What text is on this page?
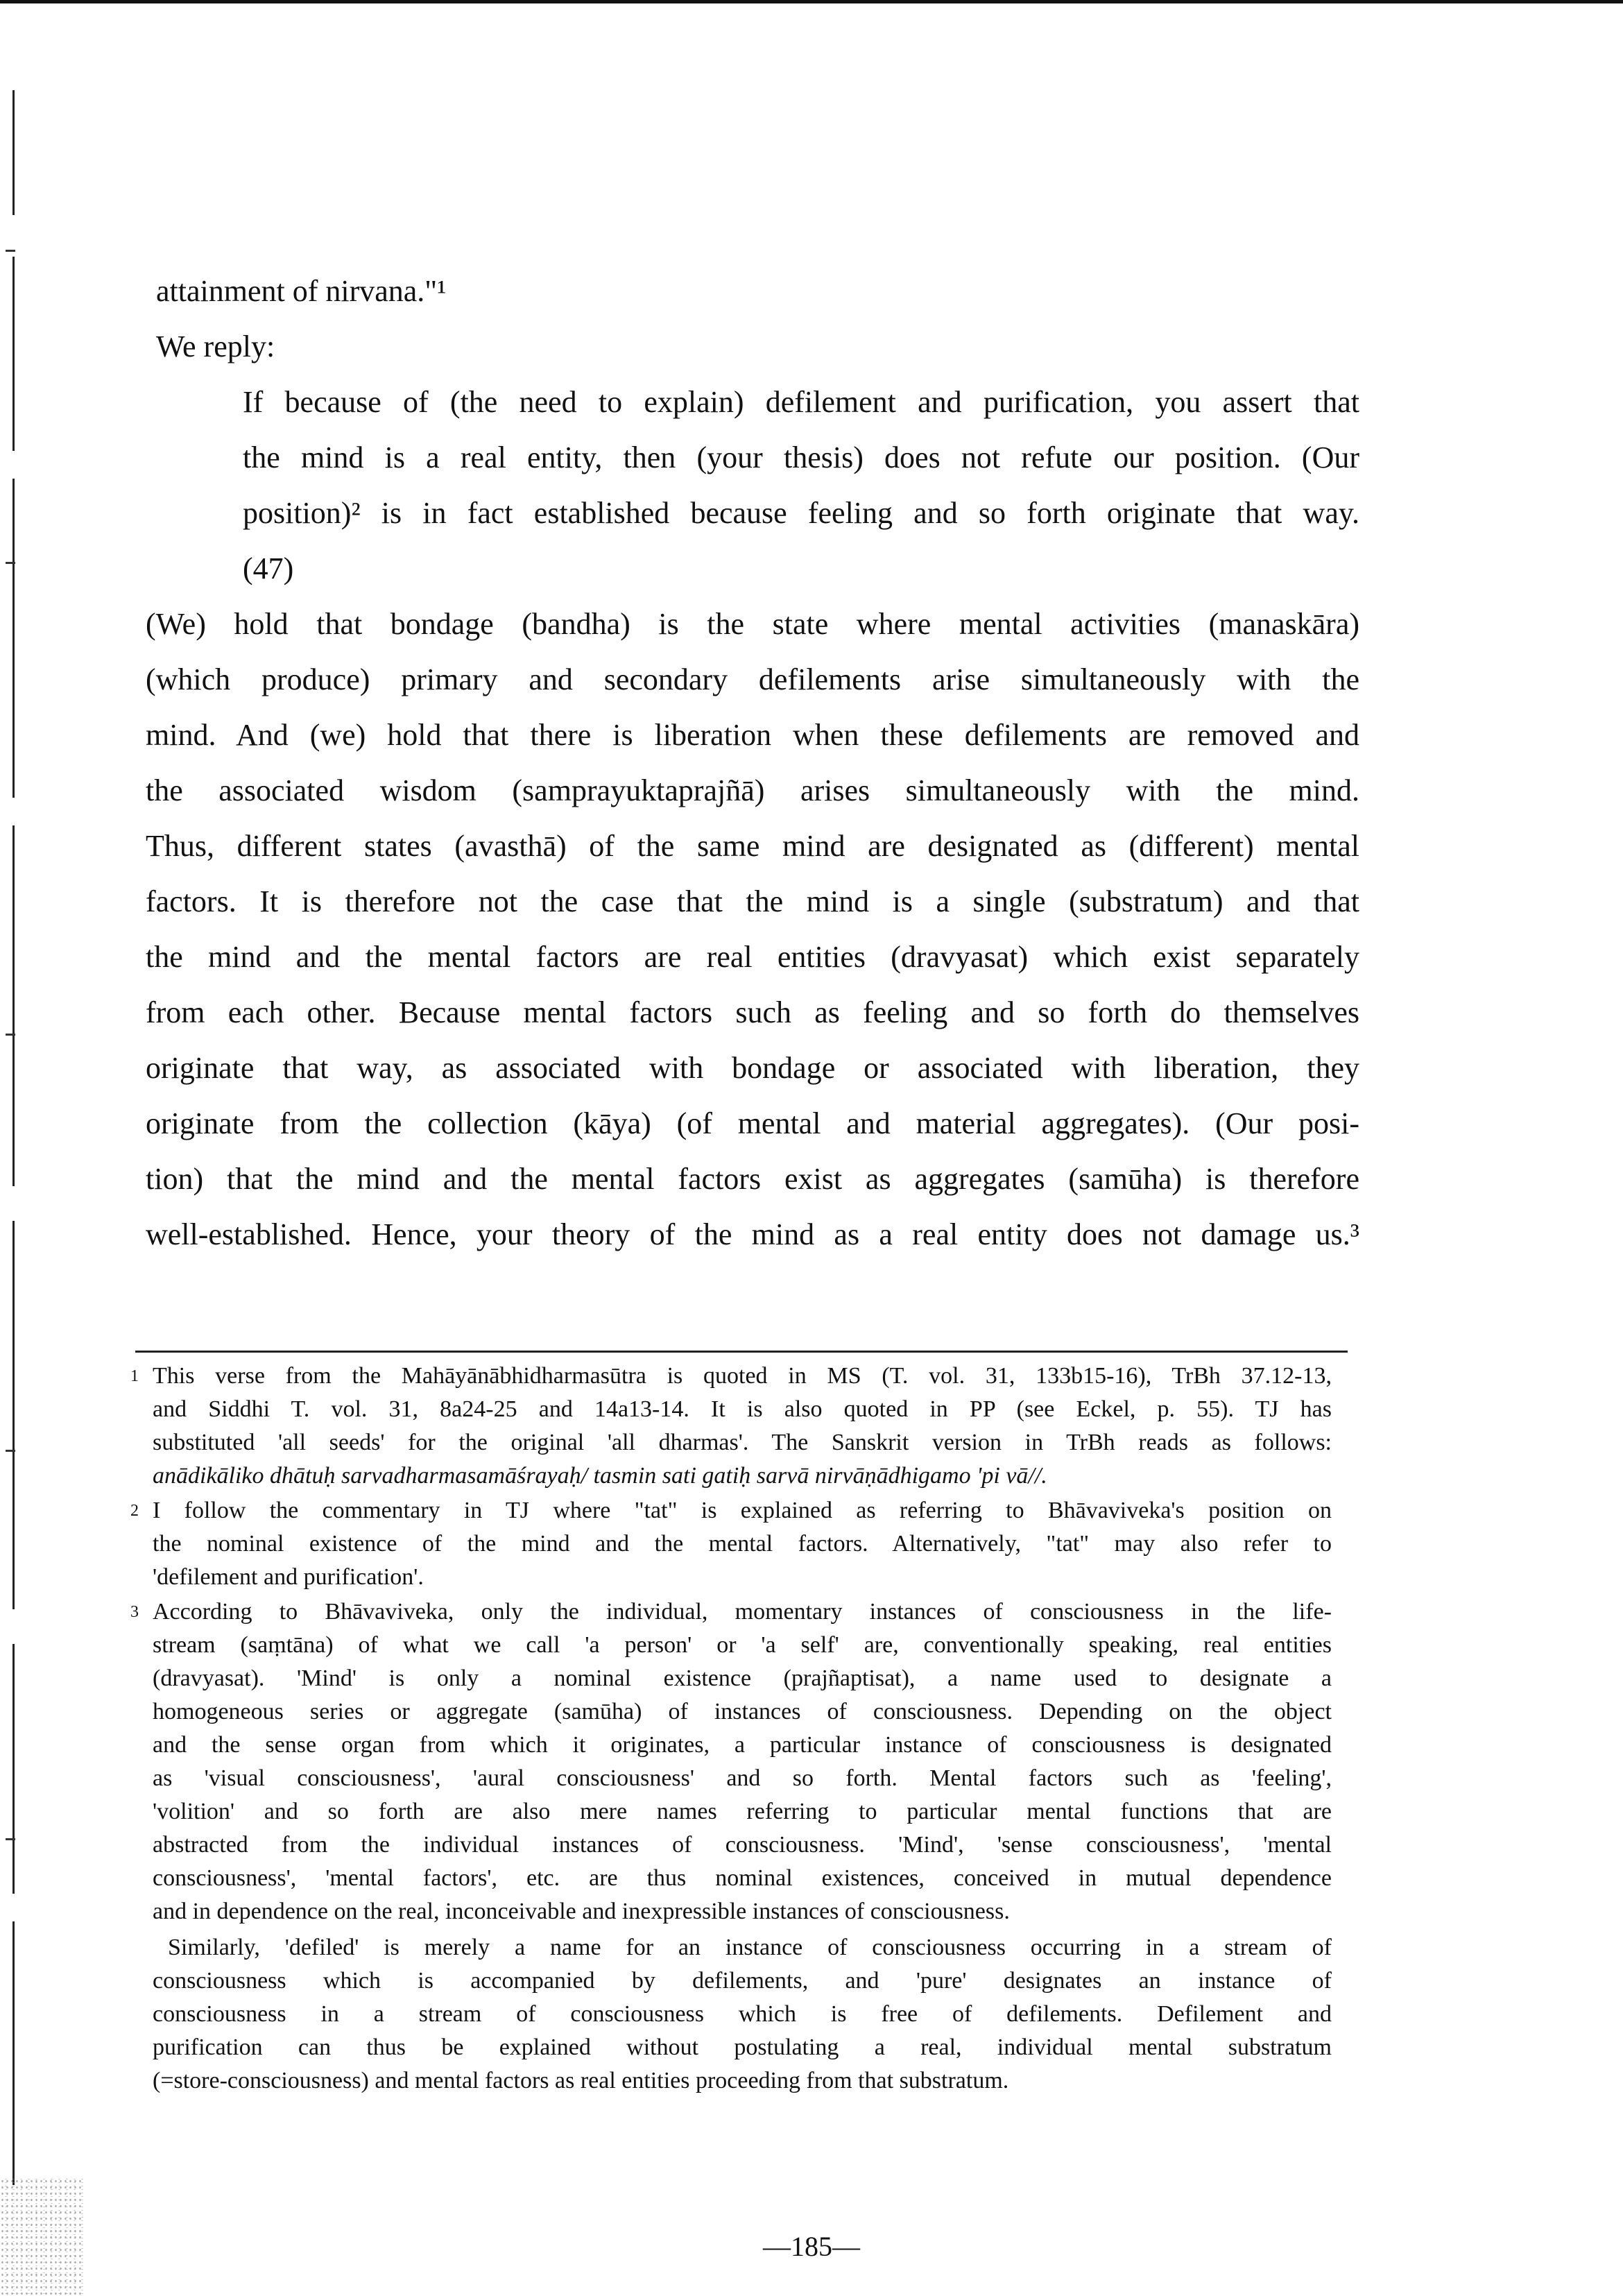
attainment of nirvana."¹
We reply:
If because of (the need to explain) defilement and purification, you assert that
the mind is a real entity, then (your thesis) does not refute our position. (Our
position)² is in fact established because feeling and so forth originate that way.
(47)
(We) hold that bondage (bandha) is the state where mental activities (manaskāra)
(which produce) primary and secondary defilements arise simultaneously with the
mind. And (we) hold that there is liberation when these defilements are removed and
the associated wisdom (samprayuktaprajñā) arises simultaneously with the mind.
Thus, different states (avasthā) of the same mind are designated as (different) mental
factors. It is therefore not the case that the mind is a single (substratum) and that
the mind and the mental factors are real entities (dravyasat) which exist separately
from each other. Because mental factors such as feeling and so forth do themselves
originate that way, as associated with bondage or associated with liberation, they
originate from the collection (kāya) (of mental and material aggregates). (Our posi-
tion) that the mind and the mental factors exist as aggregates (samūha) is therefore
well-established. Hence, your theory of the mind as a real entity does not damage us.³
1 This verse from the Mahāyānābhidharmasūtra is quoted in MS (T. vol. 31, 133b15-16), TrBh 37.12-13,
and Siddhi T. vol. 31, 8a24-25 and 14a13-14. It is also quoted in PP (see Eckel, p. 55). TJ has
substituted 'all seeds' for the original 'all dharmas'. The Sanskrit version in TrBh reads as follows:
anādikāliko dhātuḥ sarvadharmasamāśrayaḥ/ tasmin sati gatiḥ sarvā nirvāṇādhigamo 'pi vā//.
2 I follow the commentary in TJ where "tat" is explained as referring to Bhāvaviveka's position on
the nominal existence of the mind and the mental factors. Alternatively, "tat" may also refer to
'defilement and purification'.
3 According to Bhāvaviveka, only the individual, momentary instances of consciousness in the life-
stream (saṃtāna) of what we call 'a person' or 'a self' are, conventionally speaking, real entities
(dravyasat). 'Mind' is only a nominal existence (prajñaptisat), a name used to designate a
homogeneous series or aggregate (samūha) of instances of consciousness. Depending on the object
and the sense organ from which it originates, a particular instance of consciousness is designated
as 'visual consciousness', 'aural consciousness' and so forth. Mental factors such as 'feeling',
'volition' and so forth are also mere names referring to particular mental functions that are
abstracted from the individual instances of consciousness. 'Mind', 'sense consciousness', 'mental
consciousness', 'mental factors', etc. are thus nominal existences, conceived in mutual dependence
and in dependence on the real, inconceivable and inexpressible instances of consciousness.
Similarly, 'defiled' is merely a name for an instance of consciousness occurring in a stream of
consciousness which is accompanied by defilements, and 'pure' designates an instance of
consciousness in a stream of consciousness which is free of defilements. Defilement and
purification can thus be explained without postulating a real, individual mental substratum
(=store-consciousness) and mental factors as real entities proceeding from that substratum.
—185—
